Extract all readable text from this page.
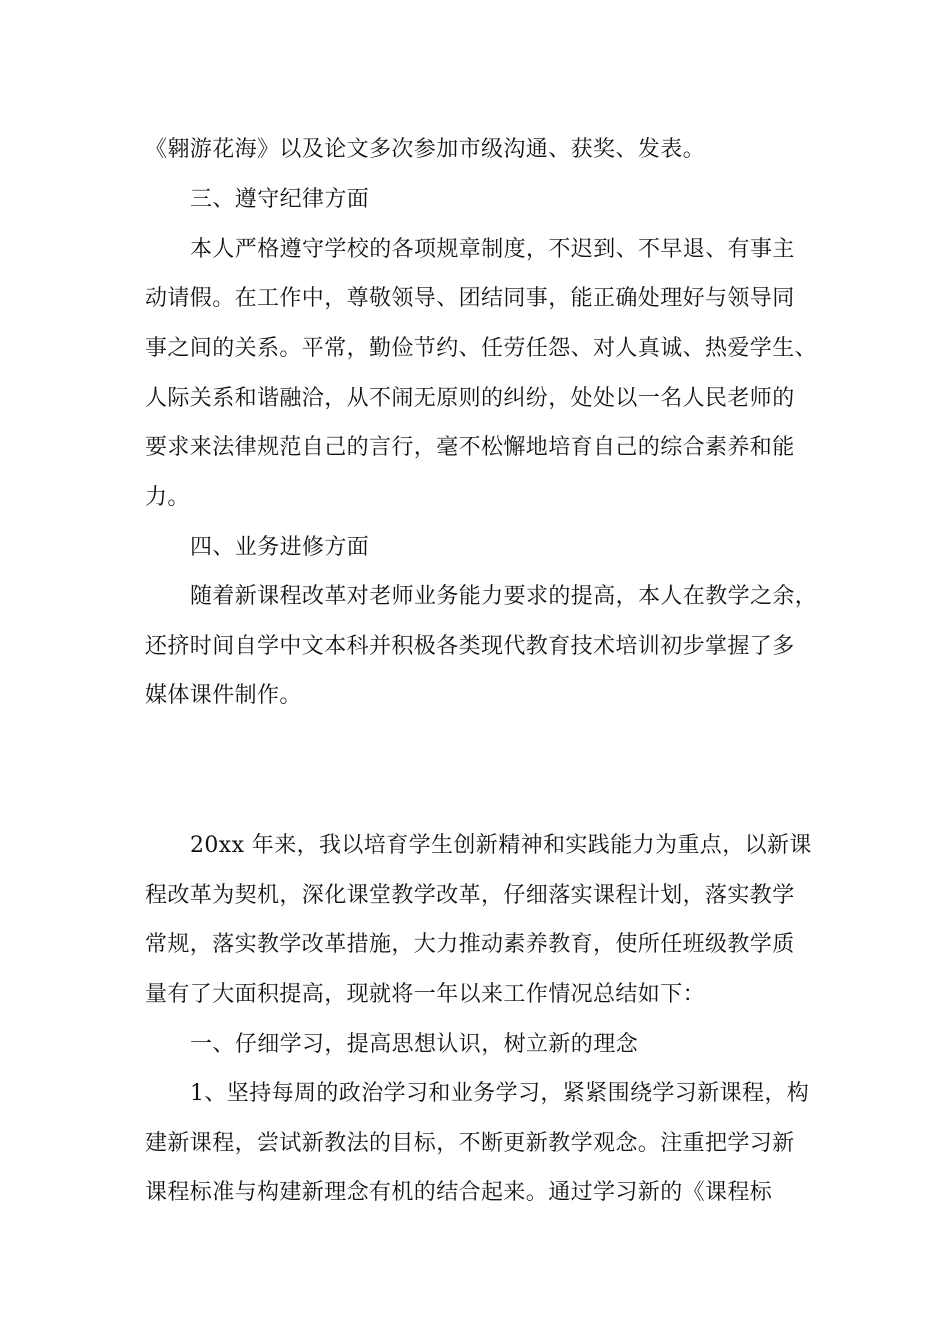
《翱游花海》以及论文多次参加市级沟通、获奖、发表。
三、遵守纪律方面
本人严格遵守学校的各项规章制度，不迟到、不早退、有事主
动请假。在工作中，尊敬领导、团结同事，能正确处理好与领导同
事之间的关系。平常，勤俭节约、任劳任怨、对人真诚、热爱学生、
人际关系和谐融洽，从不闹无原则的纠纷，处处以一名人民老师的
要求来法律规范自己的言行，毫不松懈地培育自己的综合素养和能
力。
四、业务进修方面
随着新课程改革对老师业务能力要求的提高，本人在教学之余，
还挤时间自学中文本科并积极各类现代教育技术培训初步掌握了多
媒体课件制作。
20xx 年来，我以培育学生创新精神和实践能力为重点，以新课
程改革为契机，深化课堂教学改革，仔细落实课程计划，落实教学
常规，落实教学改革措施，大力推动素养教育，使所任班级教学质
量有了大面积提高，现就将一年以来工作情况总结如下：
一、仔细学习，提高思想认识，树立新的理念
1、坚持每周的政治学习和业务学习，紧紧围绕学习新课程，构
建新课程，尝试新教法的目标，不断更新教学观念。注重把学习新
课程标准与构建新理念有机的结合起来。通过学习新的《课程标
